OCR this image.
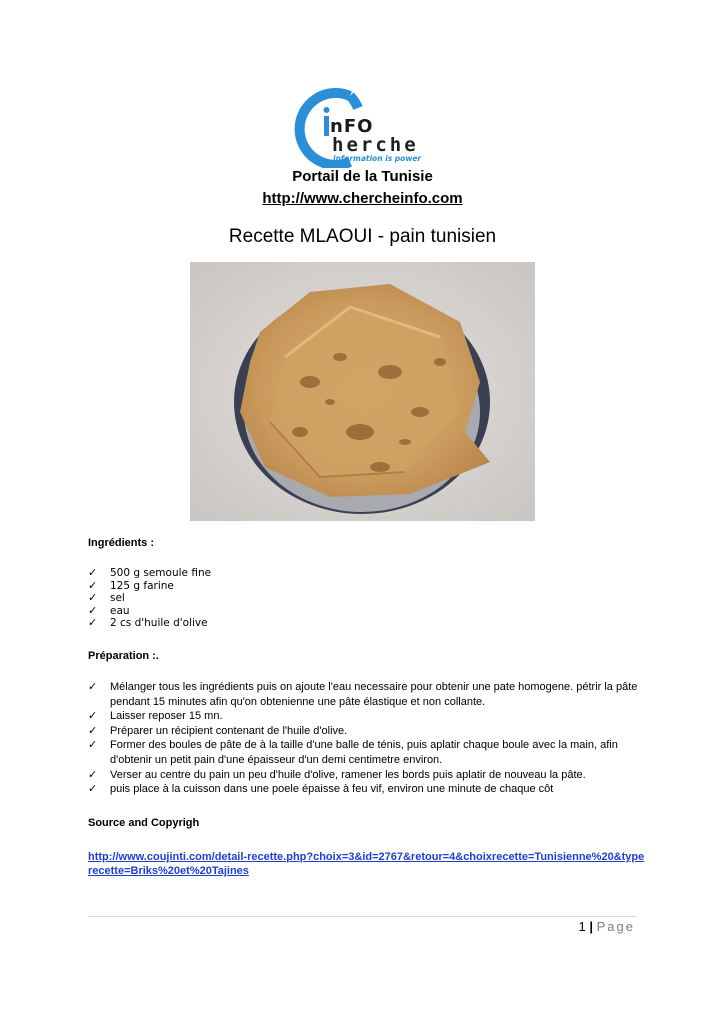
nFO
herche
information is power
Portail de la Tunisie
http://www.chercheinfo.com
Recette MLAOUI - pain tunisien
Ingrédients :
✓ 500 g semoule fine
✓ 125 g farine
✓ sel
✓ eau
✓ 2 cs d'huile d'olive
Préparation :.
✓ Mélanger tous les ingrédients puis on ajoute l'eau necessaire pour obtenir une pate homogene. pétrir la pâte pendant 15 minutes afin qu'on obtenienne une pâte élastique et non collante.
✓ Laisser reposer 15 mn.
✓ Préparer un récipient contenant de l'huile d'olive.
✓ Former des boules de pâte de à la taille d'une balle de ténis, puis aplatir chaque boule avec la main, afin d'obtenir un petit pain d'une épaisseur d'un demi centimetre environ.
✓ Verser au centre du pain un peu d'huile d'olive, ramener les bords puis aplatir de nouveau la pâte.
✓ puis place à la cuisson dans une poele épaisse à feu vif, environ une minute de chaque côt
Source and Copyrigh
http://www.coujinti.com/detail-recette.php?choix=3&id=2767&retour=4&choixrecette=Tunisienne%20&typerecette=Briks%20et%20Tajines
1 | Page
